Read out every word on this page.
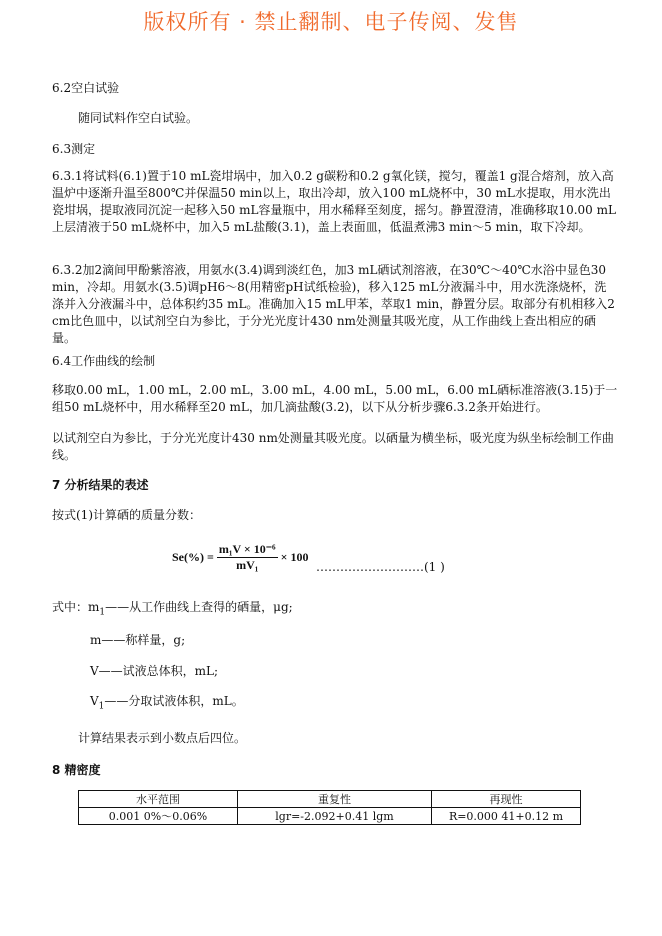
版权所有 · 禁止翻制、电子传阅、发售
6.2空白试验
随同试料作空白试验。
6.3测定
6.3.1将试料(6.1)置于10 mL瓷坩埚中，加入0.2 g碳粉和0.2 g氧化镁，搅匀，覆盖1 g混合熔剂，放入高温炉中逐渐升温至800℃并保温50 min以上，取出冷却，放入100 mL烧杯中，30 mL水提取，用水洗出瓷坩埚，提取液同沉淀一起移入50 mL容量瓶中，用水稀释至刻度，摇匀。静置澄清，准确移取10.00 mL上层清液于50 mL烧杯中，加入5 mL盐酸(3.1)，盖上表面皿，低温煮沸3 min～5 min，取下冷却。
6.3.2加2滴间甲酚紫溶液，用氨水(3.4)调到淡红色，加3 mL硒试剂溶液，在30℃～40℃水浴中显色30 min，冷却。用氨水(3.5)调pH6～8(用精密pH试纸检验)，移入125 mL分液漏斗中，用水洗涤烧杯，洗涤并入分液漏斗中，总体积约35 mL。准确加入15 mL甲苯，萃取1 min，静置分层。取部分有机相移入2 cm比色皿中，以试剂空白为参比，于分光光度计430 nm处测量其吸光度，从工作曲线上查出相应的硒量。
6.4工作曲线的绘制
移取0.00 mL，1.00 mL，2.00 mL，3.00 mL，4.00 mL，5.00 mL，6.00 mL硒标准溶液(3.15)于一组50 mL烧杯中，用水稀释至20 mL，加几滴盐酸(3.2)，以下从分析步骤6.3.2条开始进行。
以试剂空白为参比，于分光光度计430 nm处测量其吸光度。以硒量为横坐标，吸光度为纵坐标绘制工作曲线。
7 分析结果的表述
按式(1)计算硒的质量分数：
$Se(\%) = \frac{\text{m₁V × 10⁻⁶}}{\text{mV₁}} \times 100$
………………………(1 )
式中：$m_1——$从工作曲线上查得的硒量，μg;
m——称样量，g;
V——试液总体积，mL;
$V_1——$分取试液体积，mL。
计算结果表示到小数点后四位。
8 精密度
水平范围	重复性	再现性
0.001 0%～0.06%	lgr=-2.092+0.41 lgm	R=0.000 41+0.12 m
